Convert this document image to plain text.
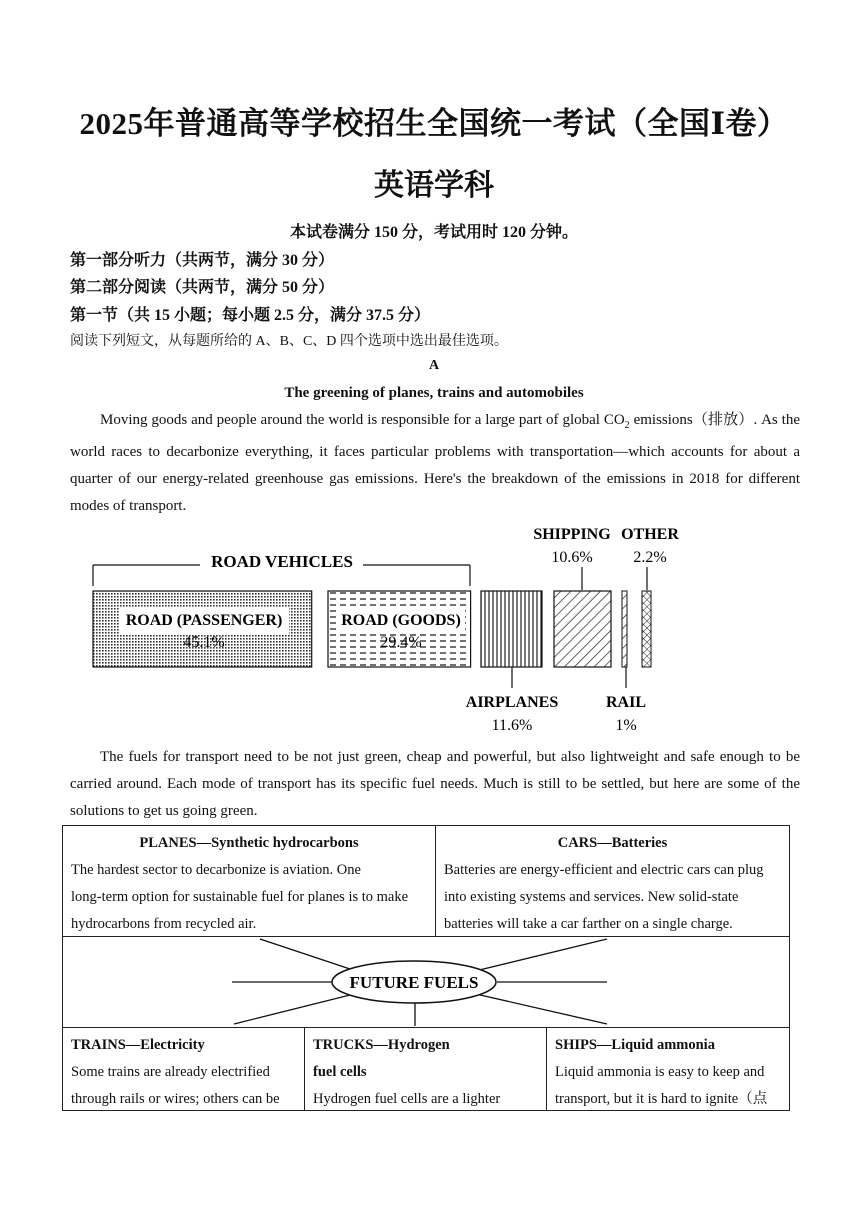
2025年普通高等学校招生全国统一考试（全国Ⅰ卷）
英语学科
本试卷满分 150 分，考试用时 120 分钟。
第一部分听力（共两节，满分 30 分）
第二部分阅读（共两节，满分 50 分）
第一节（共 15 小题；每小题 2.5 分，满分 37.5 分）
阅读下列短文，从每题所给的 A、B、C、D 四个选项中选出最佳选项。
A
The greening of planes, trains and automobiles

Moving goods and people around the world is responsible for a large part of global $CO_2$ emissions（排放）. As the world races to decarbonize everything, it faces particular problems with transportation—which accounts for about a quarter of our energy-related greenhouse gas emissions. Here's the breakdown of the emissions in 2018 for different modes of transport.

ROAD VEHICLES
ROAD (PASSENGER)
45.1%
ROAD (GOODS)
29.4%
SHIPPING
10.6%
OTHER
2.2%
AIRPLANES
11.6%
RAIL
1%

The fuels for transport need to be not just green, cheap and powerful, but also lightweight and safe enough to be carried around. Each mode of transport has its specific fuel needs. Much is still to be settled, but here are some of the solutions to get us going green.

PLANES—Synthetic hydrocarbons
The hardest sector to decarbonize is aviation. One
long-term option for sustainable fuel for planes is to make
hydrocarbons from recycled air.
CARS—Batteries
Batteries are energy-efficient and electric cars can plug
into existing systems and services. New solid-state
batteries will take a car farther on a single charge.
FUTURE FUELS
TRAINS—Electricity
Some trains are already electrified
through rails or wires; others can be
TRUCKS—Hydrogen
fuel cells
Hydrogen fuel cells are a lighter
SHIPS—Liquid ammonia
Liquid ammonia is easy to keep and
transport, but it is hard to ignite（点
